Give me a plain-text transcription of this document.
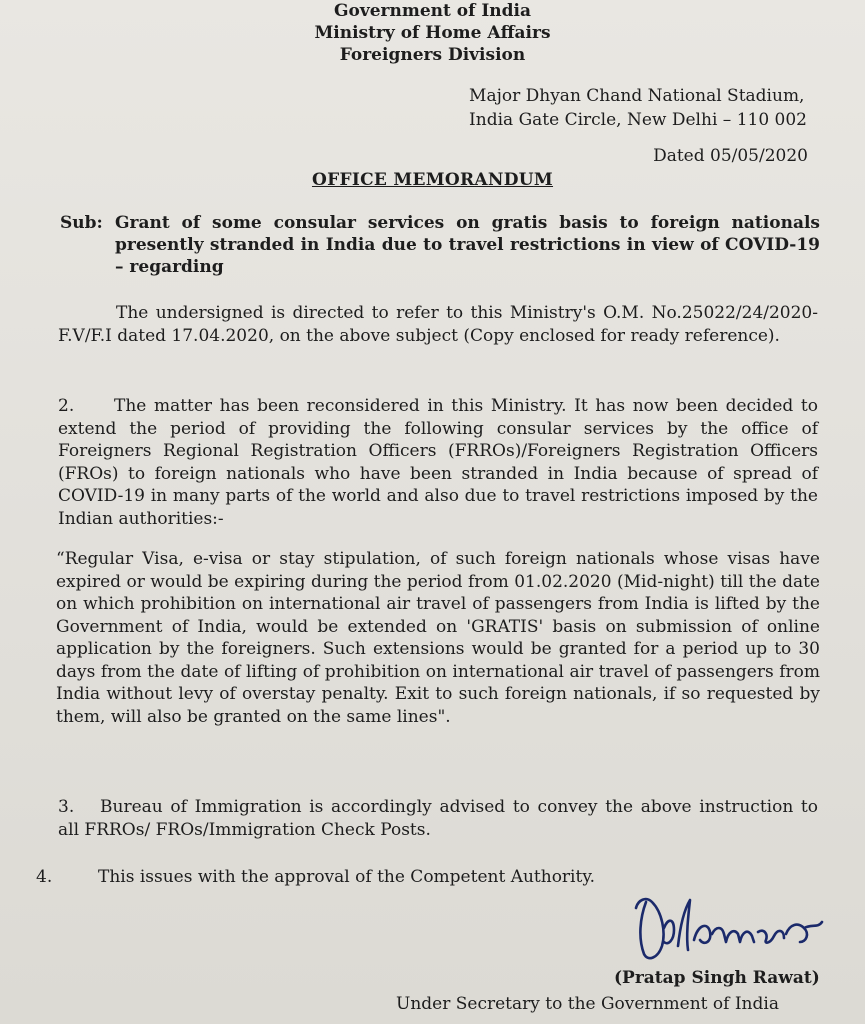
Government of India
Ministry of Home Affairs
Foreigners Division
Major Dhyan Chand National Stadium,
India Gate Circle, New Delhi – 110 002
Dated 05/05/2020
OFFICE MEMORANDUM
Sub: Grant of some consular services on gratis basis to foreign nationals presently stranded in India due to travel restrictions in view of COVID-19 – regarding
The undersigned is directed to refer to this Ministry's O.M. No.25022/24/2020-F.V/F.I dated 17.04.2020, on the above subject (Copy enclosed for ready reference).
2. The matter has been reconsidered in this Ministry. It has now been decided to extend the period of providing the following consular services by the office of Foreigners Regional Registration Officers (FRROs)/Foreigners Registration Officers (FROs) to foreign nationals who have been stranded in India because of spread of COVID-19 in many parts of the world and also due to travel restrictions imposed by the Indian authorities:-
“Regular Visa, e-visa or stay stipulation, of such foreign nationals whose visas have expired or would be expiring during the period from 01.02.2020 (Mid-night) till the date on which prohibition on international air travel of passengers from India is lifted by the Government of India, would be extended on 'GRATIS' basis on submission of online application by the foreigners. Such extensions would be granted for a period up to 30 days from the date of lifting of prohibition on international air travel of passengers from India without levy of overstay penalty. Exit to such foreign nationals, if so requested by them, will also be granted on the same lines".
3. Bureau of Immigration is accordingly advised to convey the above instruction to all FRROs/ FROs/Immigration Check Posts.
4.	This issues with the approval of the Competent Authority.
(Pratap Singh Rawat)
Under Secretary to the Government of India
